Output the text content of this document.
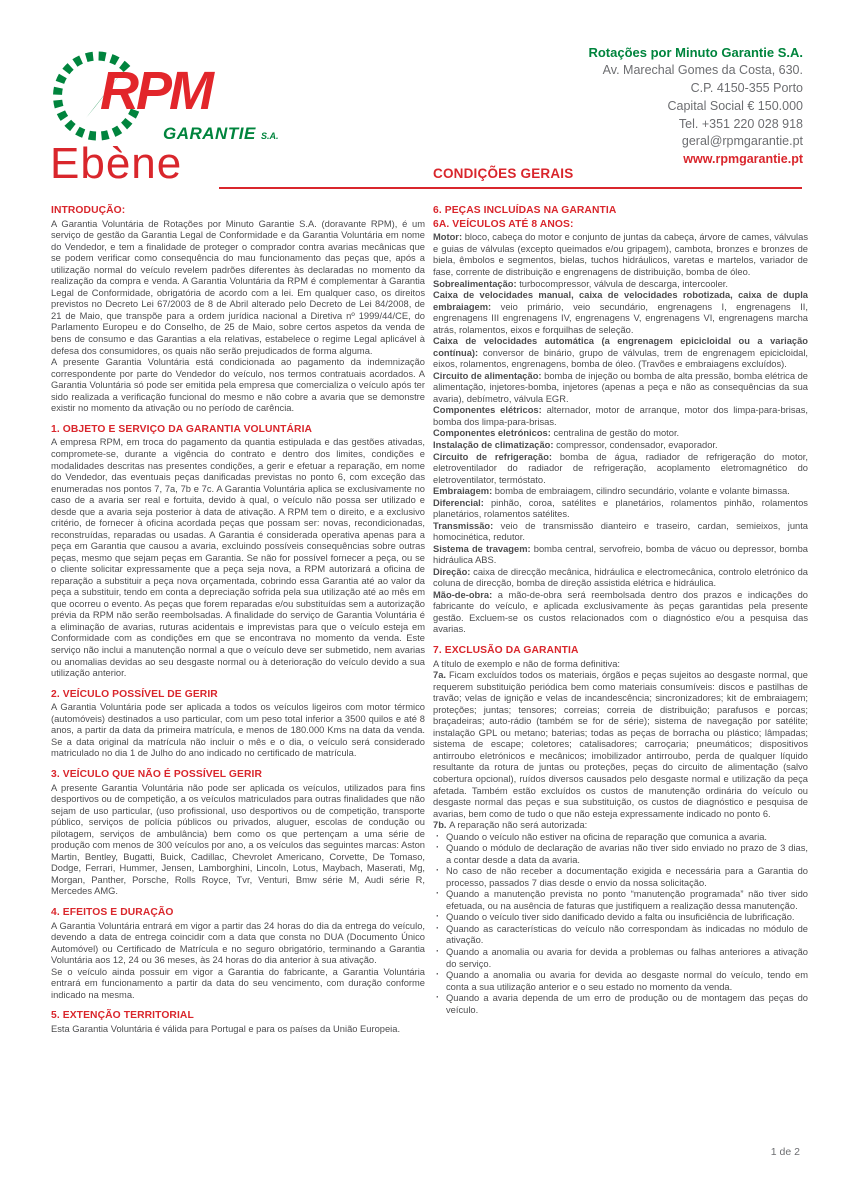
RPM
GARANTIE S.A.
Ebène
Rotações por Minuto Garantie S.A.
Av. Marechal Gomes da Costa, 630.
C.P. 4150-355 Porto
Capital Social € 150.000
Tel. +351 220 028 918
geral@rpmgarantie.pt
www.rpmgarantie.pt
CONDIÇÕES GERAIS
INTRODUÇÃO:

A Garantia Voluntária de Rotações por Minuto Garantie S.A. (doravante RPM), é um serviço de gestão da Garantia Legal de Conformidade e da Garantia Voluntária em nome do Vendedor, e tem a finalidade de proteger o comprador contra avarias mecânicas que se podem verificar como consequência do mau funcionamento das peças que, após a utilização normal do veículo revelem padrões diferentes às declaradas no momento da realização da compra e venda. A Garantia Voluntária da RPM é complementar à Garantia Legal de Conformidade, obrigatória de acordo com a lei. Em qualquer caso, os direitos previstos no Decreto Lei 67/2003 de 8 de Abril alterado pelo Decreto de Lei 84/2008, de 21 de Maio, que transpõe para a ordem jurídica nacional a Diretiva nº 1999/44/CE, do Parlamento Europeu e do Conselho, de 25 de Maio, sobre certos aspetos da venda de bens de consumo e das Garantias a ela relativas, estabelece o regime Legal aplicável à defesa dos consumidores, os quais não serão prejudicados de forma alguma.

A presente Garantia Voluntária está condicionada ao pagamento da indemnização correspondente por parte do Vendedor do veículo, nos termos contratuais acordados. A Garantia Voluntária só pode ser emitida pela empresa que comercializa o veículo após ter sido realizada a verificação funcional do mesmo e não cobre a avaria que se demonstre existir no momento da ativação ou no período de carência.

1. OBJETO E SERVIÇO DA GARANTIA VOLUNTÁRIA

A empresa RPM, em troca do pagamento da quantia estipulada e das gestões ativadas, compromete-se, durante a vigência do contrato e dentro dos limites, condições e modalidades descritas nas presentes condições, a gerir e efetuar a reparação, em nome do Vendedor, das eventuais peças danificadas previstas no ponto 6, com exceção das enumeradas nos pontos 7, 7a, 7b e 7c. A Garantia Voluntária aplica se exclusivamente no caso de a avaria ser real e fortuita, devido à qual, o veículo não possa ser utilizado e desde que a avaria seja posterior à data de ativação. A RPM tem o direito, e a exclusivo critério, de fornecer à oficina acordada peças que possam ser: novas, recondicionadas, reconstruídas, reparadas ou usadas. A Garantia é considerada operativa apenas para a peça em Garantia que causou a avaria, excluindo possíveis consequências sobre outras peças, mesmo que sejam peças em Garantia. Se não for possível fornecer a peça, ou se o cliente solicitar expressamente que a peça seja nova, a RPM autorizará a oficina de reparação a substituir a peça nova orçamentada, cobrindo essa Garantia até ao valor da peça a substituir, tendo em conta a depreciação sofrida pela sua utilização até ao mês em que ocorreu o evento. As peças que forem reparadas e/ou substituídas sem a autorização prévia da RPM não serão reembolsadas. A finalidade do serviço de Garantia Voluntária é a eliminação de avarias, ruturas acidentais e imprevistas para que o veículo esteja em Conformidade com as condições em que se encontrava no momento da venda. Este serviço não inclui a manutenção normal a que o veículo deve ser submetido, nem avarias ou anomalias devidas ao seu desgaste normal ou à deterioração do veículo devido a sua utilização anterior.

2. VEÍCULO POSSÍVEL DE GERIR

A Garantia Voluntária pode ser aplicada a todos os veículos ligeiros com motor térmico (automóveis) destinados a uso particular, com um peso total inferior a 3500 quilos e até 8 anos, a partir da data da primeira matrícula, e menos de 180.000 Kms na data da venda. Se a data original da matrícula não incluir o mês e o dia, o veículo será considerado matriculado no dia 1 de Julho do ano indicado no certificado de matrícula.

3. VEÍCULO QUE NÃO É POSSÍVEL GERIR

A presente Garantia Voluntária não pode ser aplicada os veículos, utilizados para fins desportivos ou de competição, a os veículos matriculados para outras finalidades que não sejam de uso particular, (uso profissional, uso desportivos ou de competição, transporte público, serviços de polícia públicos ou privados, aluguer, escolas de condução ou pilotagem, serviços de ambulância) bem como os que pertençam a uma série de produção com menos de 300 veículos por ano, a os veículos das seguintes marcas: Aston Martin, Bentley, Bugatti, Buick, Cadillac, Chevrolet Americano, Corvette, De Tomaso, Dodge, Ferrari, Hummer, Jensen, Lamborghini, Lincoln, Lotus, Maybach, Maserati, Mg, Morgan, Panther, Porsche, Rolls Royce, Tvr, Venturi, Bmw série M, Audi série R, Mercedes AMG.

4. EFEITOS E DURAÇÃO

A Garantia Voluntária entrará em vigor a partir das 24 horas do dia da entrega do veículo, devendo a data de entrega coincidir com a data que consta no DUA (Documento Único Automóvel) ou Certificado de Matrícula e no seguro obrigatório, terminando a Garantia Voluntária aos 12, 24 ou 36 meses, às 24 horas do dia anterior à sua ativação.

Se o veículo ainda possuir em vigor a Garantia do fabricante, a Garantia Voluntária entrará em funcionamento a partir da data do seu vencimento, com duração conforme indicado na mesma.

5. EXTENÇÃO TERRITORIAL

Esta Garantia Voluntária é válida para Portugal e para os países da União Europeia.

6. PEÇAS INCLUÍDAS NA GARANTIA
6A. VEÍCULOS ATÉ 8 ANOS:

Motor: bloco, cabeça do motor e conjunto de juntas da cabeça, árvore de cames, válvulas e guias de válvulas (excepto queimados e/ou gripagem), cambota, bronzes e bronzes de biela, êmbolos e segmentos, bielas, tuchos hidráulicos, varetas e martelos, variador de fase, corrente de distribuição e engrenagens de distribuição, bomba de óleo.

Sobrealimentação: turbocompressor, válvula de descarga, intercooler.

Caixa de velocidades manual, caixa de velocidades robotizada, caixa de dupla embraiagem: veio primário, veio secundário, engrenagens I, engrenagens II, engrenagens III engrenagens IV, engrenagens V, engrenagens VI, engrenagens marcha atrás, rolamentos, eixos e forquilhas de seleção.

Caixa de velocidades automática (a engrenagem epicicloidal ou a variação contínua): conversor de binário, grupo de válvulas, trem de engrenagem epicicloidal, eixos, rolamentos, engrenagens, bomba de óleo. (Travões e embraiagens excluídos).

Circuito de alimentação: bomba de injeção ou bomba de alta pressão, bomba elétrica de alimentação, injetores-bomba, injetores (apenas a peça e não as consequências da sua avaria), debímetro, válvula EGR.

Componentes elétricos: alternador, motor de arranque, motor dos limpa-para-brisas, bomba dos limpa-para-brisas.

Componentes eletrónicos: centralina de gestão do motor.

Instalação de climatização: compressor, condensador, evaporador.

Circuito de refrigeração: bomba de água, radiador de refrigeração do motor, eletroventilador do radiador de refrigeração, acoplamento eletromagnético do eletroventilator, termóstato.

Embraiagem: bomba de embraiagem, cilindro secundário, volante e volante bimassa.

Diferencial: pinhão, coroa, satélites e planetários, rolamentos pinhão, rolamentos planetários, rolamentos satélites.

Transmissão: veio de transmissão dianteiro e traseiro, cardan, semieixos, junta homocinética, redutor.

Sistema de travagem: bomba central, servofreio, bomba de vácuo ou depressor, bomba hidráulica ABS.

Direção: caixa de direcção mecânica, hidráulica e electromecânica, controlo eletrónico da coluna de direcção, bomba de direção assistida elétrica e hidráulica.

Mão-de-obra: a mão-de-obra será reembolsada dentro dos prazos e indicações do fabricante do veículo, e aplicada exclusivamente às peças garantidas pela presente gestão. Excluem-se os custos relacionados com o diagnóstico e/ou a pesquisa das avarias.

7. EXCLUSÃO DA GARANTIA

A título de exemplo e não de forma definitiva:

7a. Ficam excluídos todos os materiais, órgãos e peças sujeitos ao desgaste normal, que requerem substituição periódica bem como materiais consumíveis: discos e pastilhas de travão; velas de ignição e velas de incandescência; sincronizadores; kit de embraiagem; proteções; juntas; tensores; correias; correia de distribuição; parafusos e porcas; braçadeiras; auto-rádio (também se for de série); sistema de navegação por satélite; instalação GPL ou metano; baterias; todas as peças de borracha ou plástico; lâmpadas; sistema de escape; coletores; catalisadores; carroçaria; pneumáticos; dispositivos antirroubo eletrónicos e mecânicos; imobilizador antirroubo, perda de qualquer líquido resultante da rotura de juntas ou proteções, peças do circuito de alimentação (salvo cobertura opcional), ruídos diversos causados pelo desgaste normal e utilização da peça afetada. Também estão excluídos os custos de manutenção ordinária do veículo ou desgaste normal das peças e sua substituição, os custos de diagnóstico e pesquisa de avarias, bem como de tudo o que não esteja expressamente indicado no ponto 6.

7b. A reparação não será autorizada:

· Quando o veículo não estiver na oficina de reparação que comunica a avaria.
· Quando o módulo de declaração de avarias não tiver sido enviado no prazo de 3 dias, a contar desde a data da avaria.
· No caso de não receber a documentação exigida e necessária para a Garantia do processo, passados 7 dias desde o envio da nossa solicitação.
· Quando a manutenção prevista no ponto “manutenção programada” não tiver sido efetuada, ou na ausência de faturas que justifiquem a realização dessa manutenção.
· Quando o veículo tiver sido danificado devido a falta ou insuficiência de lubrificação.
· Quando as características do veículo não correspondam às indicadas no módulo de ativação.
· Quando a anomalia ou avaria for devida a problemas ou falhas anteriores a ativação do serviço.
· Quando a anomalia ou avaria for devida ao desgaste normal do veículo, tendo em conta a sua utilização anterior e o seu estado no momento da venda.
· Quando a avaria dependa de um erro de produção ou de montagem das peças do veículo.
1 de 2
